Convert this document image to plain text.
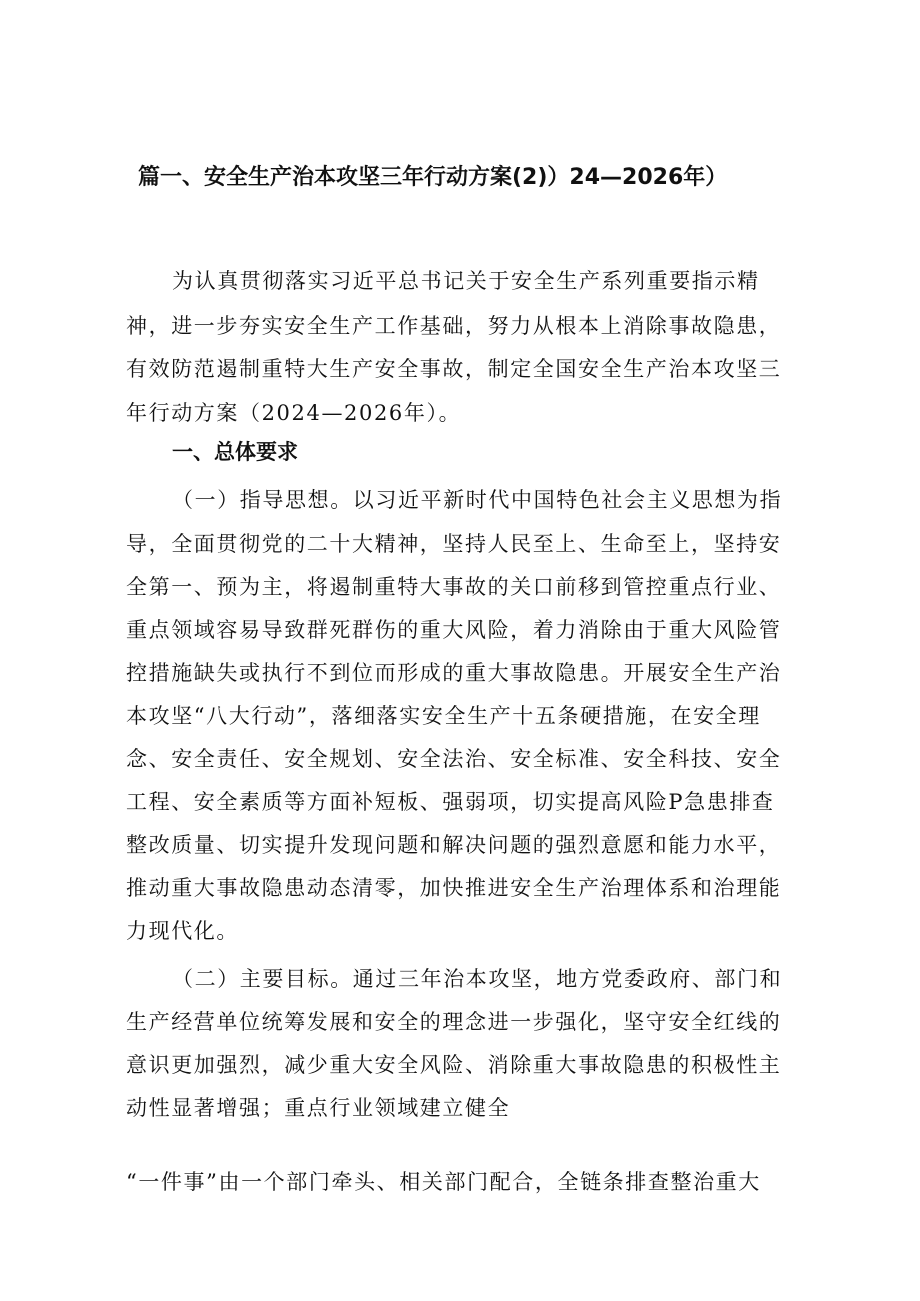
篇一、安全生产治本攻坚三年行动方案(2)）24—2026年）

为认真贯彻落实习近平总书记关于安全生产系列重要指示精

神，进一步夯实安全生产工作基础，努力从根本上消除事故隐患，

有效防范遏制重特大生产安全事故，制定全国安全生产治本攻坚三

年行动方案（2024—2026年）。

一、总体要求

（一）指导思想。以习近平新时代中国特色社会主义思想为指

导，全面贯彻党的二十大精神，坚持人民至上、生命至上，坚持安

全第一、预为主，将遏制重特大事故的关口前移到管控重点行业、

重点领域容易导致群死群伤的重大风险，着力消除由于重大风险管

控措施缺失或执行不到位而形成的重大事故隐患。开展安全生产治

本攻坚“八大行动”，落细落实安全生产十五条硬措施，在安全理

念、安全责任、安全规划、安全法治、安全标准、安全科技、安全

工程、安全素质等方面补短板、强弱项，切实提高风险P急患排查

整改质量、切实提升发现问题和解决问题的强烈意愿和能力水平，

推动重大事故隐患动态清零，加快推进安全生产治理体系和治理能

力现代化。

（二）主要目标。通过三年治本攻坚，地方党委政府、部门和

生产经营单位统筹发展和安全的理念进一步强化，坚守安全红线的

意识更加强烈，减少重大安全风险、消除重大事故隐患的积极性主

动性显著增强；重点行业领域建立健全

“一件事”由一个部门牵头、相关部门配合，全链条排查整治重大
